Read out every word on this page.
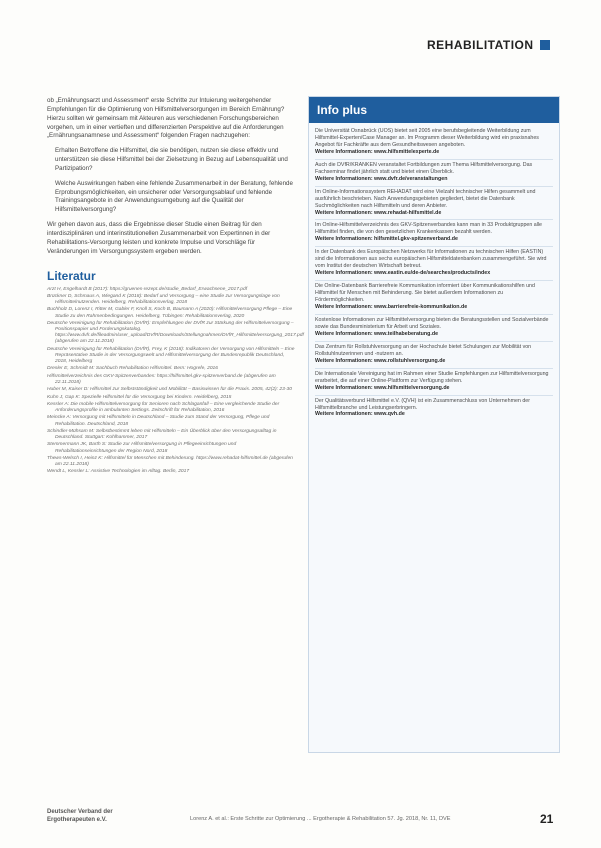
REHABILITATION

ob „Ernährungsarzt und Assessment“ erste Schritte zur Intuierung weitergehender Empfehlungen für die Optimierung von Hilfsmittelversorgungen im Bereich Ernährung? Hierzu sollten wir gemeinsam mit Akteuren aus verschiedenen Forschungsbereichen vorgehen, um in einer vertieften und differenzierten Perspektive auf die Anforderungen „Ernährungsanamnese und Assessment“ folgenden Fragen nachzugehen:

Erhalten Betroffene die Hilfsmittel, die sie benötigen, nutzen sie diese effektiv und unterstützen sie diese Hilfsmittel bei der Zielsetzung in Bezug auf Lebensqualität und Partizipation?

Welche Auswirkungen haben eine fehlende Zusammenarbeit in der Beratung, fehlende Erprobungsmöglichkeiten, ein unsicherer oder Versorgungsablauf und fehlende Trainingsangebote in der Anwendungsumgebung auf die Qualität der Hilfsmittelversorgung?

Wir gehen davon aus, dass die Ergebnisse dieser Studie einen Beitrag für den interdisziplinären und interinstitutionellen Zusammenarbeit von Expertinnen in der Rehabilitations-Versorgung leisten und konkrete Impulse und Vorschläge für Veränderungen im Versorgungssystem ergeben werden.

Literatur
Arzt H, Engelhardt B (2017): https://gruenes-rezept.de/studie_Bedarf_Erwachsene_2017.pdf
Brückner D, Schmaus A, Wiegand K (2018): Bedarf und Versorgung – eine Studie zur Versorgungslage von Hilfsmittelnutzenden. Heidelberg, Rehabilitationsverlag, 2018
Buchholz D, Lorenz I, Ritter M, Gabler F, Knoll S, Koch B, Baumann A (2020): Hilfsmittelversorgung Pflege – Eine Studie zu den Rahmenbedingungen. Heidelberg, Tübingen: Rehabilitationsverlag, 2020
Deutsche Vereinigung für Rehabilitation (DVfR): Empfehlungen der DVfR zur Stärkung der Hilfsmittelversorgung – Positionspapier und Forderungskatalog. https://www.dvfr.de/fileadmin/user_upload/DVfR/Downloads/Stellungnahmen/DVfR_Hilfsmittelversorgung_2017.pdf (abgerufen am 22.11.2018)
Deutsche Vereinigung für Rehabilitation (DVfR), Frey, K (2018): Indikatoren der Versorgung von Hilfsmitteln – Eine Repräsentative Studie in der Versorgungswelt und Hilfsmittelversorgung der Bundesrepublik Deutschland, 2018, Heidelberg
Dresler E, Schmidt M: Sachbuch Rehabilitation Hilfsmittel. Bern: Hogrefe, 2016
Hilfsmittelverzeichnis des GKV-Spitzenverbandes: https://hilfsmittel.gkv-spitzenverband.de (abgerufen am 22.11.2018)
Huber M, Kaiser D: Hilfsmittel zur Selbstständigkeit und Mobilität – Basiswissen für die Praxis. 2005, 42(2): 23-30
Kuhn J, Gap K: Spezielle Hilfsmittel für die Versorgung bei Kindern. Heidelberg, 2015
Kessler A: Die mobile Hilfsmittelversorgung für Senioren nach Schlaganfall – Eine vergleichende Studie der Anforderungsprofile in ambulanten Settings. Zeitschrift für Rehabilitation, 2016
Meincke A: Versorgung mit Hilfsmitteln in Deutschland – Studie zum Stand der Versorgung, Pflege und Rehabilitation. Deutschland, 2018
Schindler-Mühsam M: Selbstbestimmt leben mit Hilfsmitteln – Ein Überblick über den Versorgungsalltag in Deutschland. Stuttgart: Kohlhammer, 2017
Stemmermann JK, Barth S: Studie zur Hilfsmittelversorgung in Pflegeeinrichtungen und Rehabilitationseinrichtungen der Region Nord, 2018
Thews-Welsch I, Heinz K: Hilfsmittel für Menschen mit Behinderung. https://www.rehadat-hilfsmittel.de (abgerufen am 22.11.2018)
Wendt L, Kessler L: Assistive Technologien im Alltag. Berlin, 2017
Info plus
Die Universität Osnabrück (UOS) bietet seit 2005 eine berufsbegleitende Weiterbildung zum Hilfsmittel-Experten/Case Manager an. Im Programm dieser Weiterbildung wird ein praxisnahes Angebot für Fachkräfte aus dem Gesundheitswesen angeboten.
Weitere Informationen: www.hilfsmittelexperte.de
Auch die DVfR/KRANKEN veranstaltet Fortbildungen zum Thema Hilfsmittelversorgung. Das Fachseminar findet jährlich statt und bietet einen Überblick.
Weitere Informationen: www.dvfr.de/veranstaltungen
Im Online-Informationssystem REHADAT wird eine Vielzahl technischer Hilfen gesammelt und ausführlich beschrieben. Nach Anwendungsgebieten gegliedert, bietet die Datenbank Suchmöglichkeiten nach Hilfsmitteln und deren Anbieter.
Weitere Informationen: www.rehadat-hilfsmittel.de
Im Online-Hilfsmittelverzeichnis des GKV-Spitzenverbandes kann man in 33 Produktgruppen alle Hilfsmittel finden, die von den gesetzlichen Krankenkassen bezahlt werden.
Weitere Informationen: hilfsmittel.gkv-spitzenverband.de
In der Datenbank des Europäischen Netzwerks für Informationen zu technischen Hilfen (EASTIN) sind die Informationen aus sechs europäischen Hilfsmitteldatenbanken zusammengeführt. Sie wird vom Institut der deutschen Wirtschaft betreut.
Weitere Informationen: www.eastin.eu/de-de/searches/products/index
Die Online-Datenbank Barrierefreie Kommunikation informiert über Kommunikationshilfen und Hilfsmittel für Menschen mit Behinderung. Sie bietet außerdem Informationen zu Fördermöglichkeiten.
Weitere Informationen: www.barrierefreie-kommunikation.de
Kostenlose Informationen zur Hilfsmittelversorgung bieten die Beratungsstellen und Sozialverbände sowie das Bundesministerium für Arbeit und Soziales.
Weitere Informationen: www.teilhabeberatung.de
Das Zentrum für Rollstuhlversorgung an der Hochschule bietet Schulungen zur Mobilität von Rollstuhlnutzerinnen und -nutzern an.
Weitere Informationen: www.rollstuhlversorgung.de
Die Internationale Vereinigung hat im Rahmen einer Studie Empfehlungen zur Hilfsmittelversorgung erarbeitet, die auf einer Online-Plattform zur Verfügung stehen.
Weitere Informationen: www.hilfsmittelversorgung.de
Der Qualitätsverbund Hilfsmittel e.V. (QVH) ist ein Zusammenschluss von Unternehmen der Hilfsmittelbranche und Leistungserbringern.
Weitere Informationen: www.qvh.de
Deutscher Verband der
Ergotherapeuten e.V.	Lorenz A. et al.: Erste Schritte zur Optimierung ... Ergotherapie & Rehabilitation 57. Jg. 2018, Nr. 11, DVE	21
